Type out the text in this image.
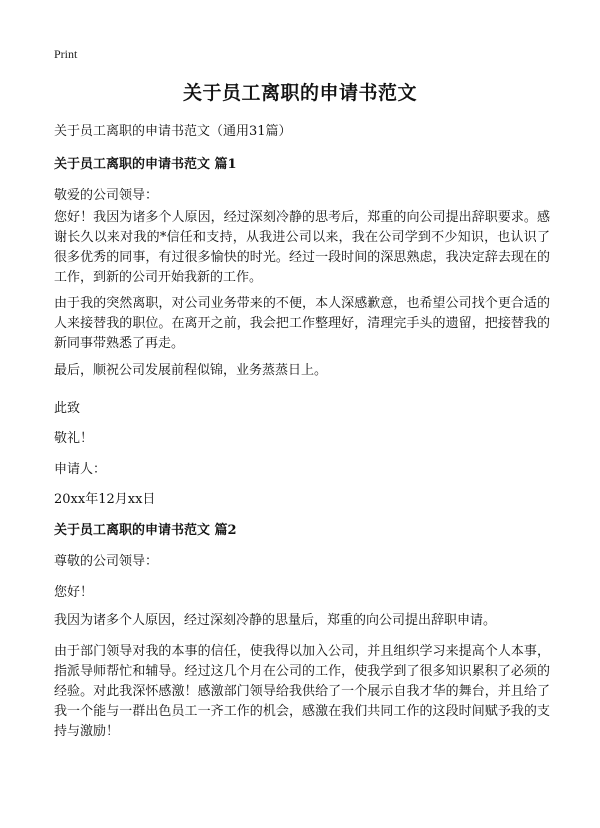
Print
关于员工离职的申请书范文
关于员工离职的申请书范文（通用31篇）
关于员工离职的申请书范文 篇1
敬爱的公司领导：
您好！我因为诸多个人原因，经过深刻冷静的思考后，郑重的向公司提出辞职要求。感谢长久以来对我的*信任和支持，从我进公司以来，我在公司学到不少知识，也认识了很多优秀的同事，有过很多愉快的时光。经过一段时间的深思熟虑，我决定辞去现在的工作，到新的公司开始我新的工作。
由于我的突然离职，对公司业务带来的不便，本人深感歉意，也希望公司找个更合适的人来接替我的职位。在离开之前，我会把工作整理好，清理完手头的遗留，把接替我的新同事带熟悉了再走。
最后，顺祝公司发展前程似锦，业务蒸蒸日上。
此致
敬礼！
申请人：
20xx年12月xx日
关于员工离职的申请书范文 篇2
尊敬的公司领导：
您好！
我因为诸多个人原因，经过深刻冷静的思量后，郑重的向公司提出辞职申请。
由于部门领导对我的本事的信任，使我得以加入公司，并且组织学习来提高个人本事，指派导师帮忙和辅导。经过这几个月在公司的工作，使我学到了很多知识累积了必须的经验。对此我深怀感激！感激部门领导给我供给了一个展示自我才华的舞台，并且给了我一个能与一群出色员工一齐工作的机会，感激在我们共同工作的这段时间赋予我的支持与激励！
